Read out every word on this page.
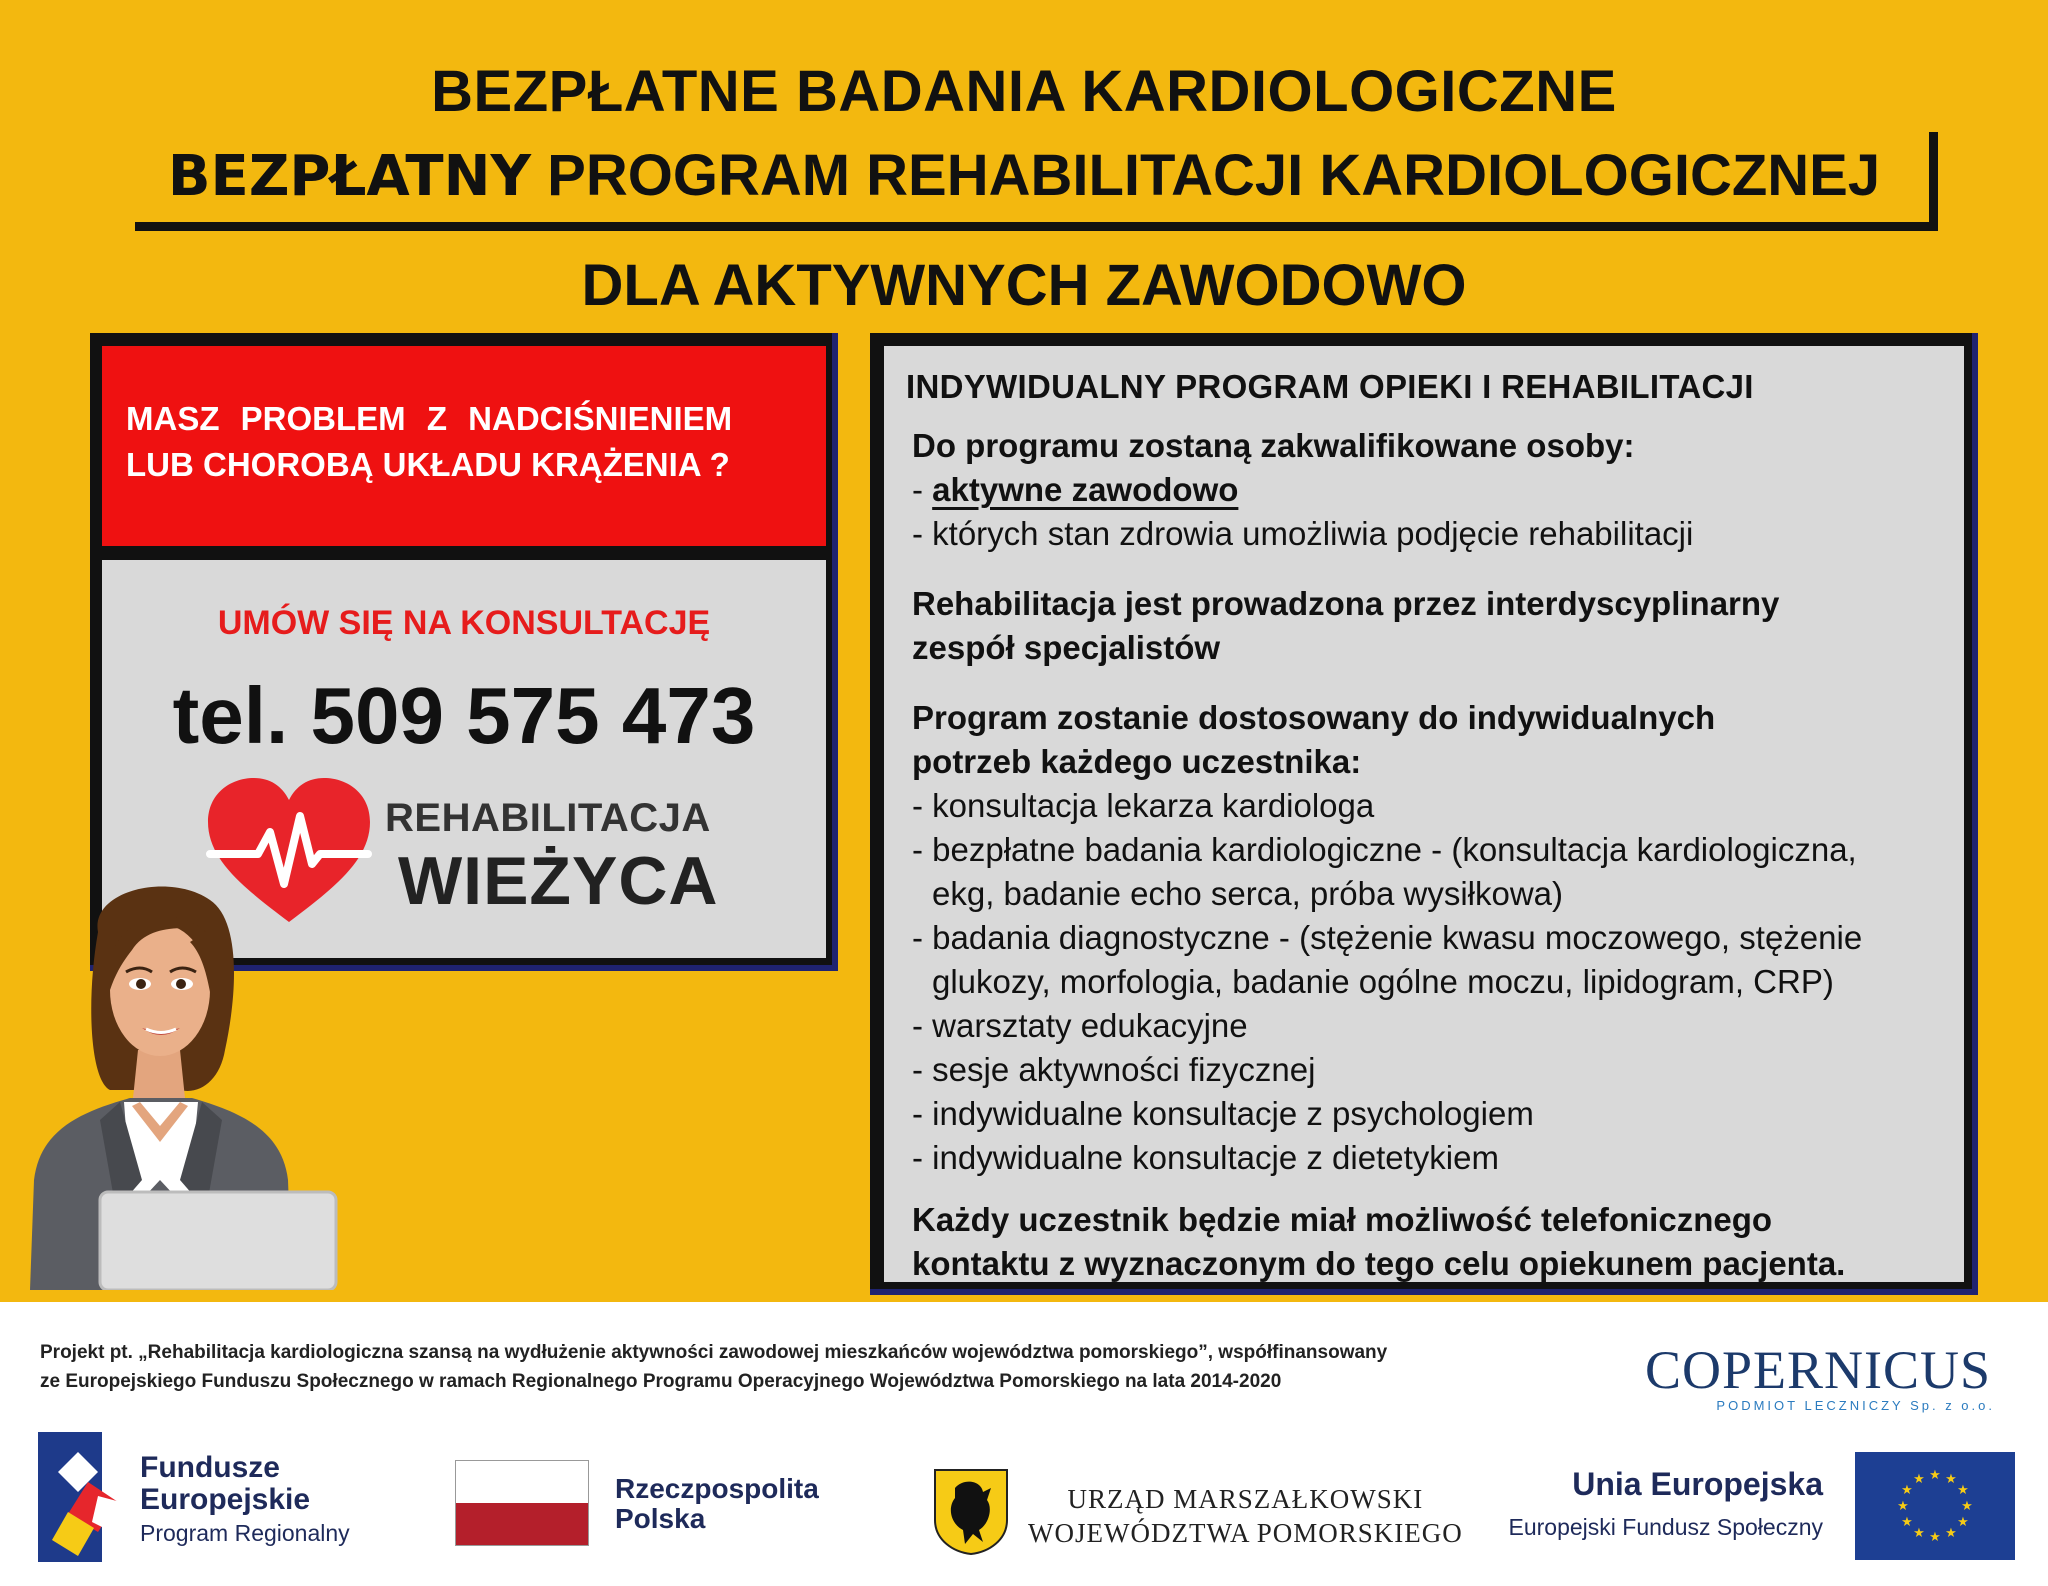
BEZPŁATNE BADANIA KARDIOLOGICZNE
BEZPŁATNY PROGRAM REHABILITACJI KARDIOLOGICZNEJ
DLA AKTYWNYCH ZAWODOWO
MASZ PROBLEM Z NADCIŚNIENIEM
LUB CHOROBĄ UKŁADU KRĄŻENIA ?
UMÓW SIĘ NA KONSULTACJĘ
tel. 509 575 473
REHABILITACJA
WIEŻYCA
INDYWIDUALNY PROGRAM OPIEKI I REHABILITACJI
Do programu zostaną zakwalifikowane osoby:
- aktywne zawodowo
- których stan zdrowia umożliwia podjęcie rehabilitacji
Rehabilitacja jest prowadzona przez interdyscyplinarny
zespół specjalistów
Program zostanie dostosowany do indywidualnych
potrzeb każdego uczestnika:
- konsultacja lekarza kardiologa
- bezpłatne badania kardiologiczne - (konsultacja kardiologiczna,
ekg, badanie echo serca, próba wysiłkowa)
- badania diagnostyczne - (stężenie kwasu moczowego, stężenie
glukozy, morfologia, badanie ogólne moczu, lipidogram, CRP)
- warsztaty edukacyjne
- sesje aktywności fizycznej
- indywidualne konsultacje z psychologiem
- indywidualne konsultacje z dietetykiem
Każdy uczestnik będzie miał możliwość telefonicznego
kontaktu z wyznaczonym do tego celu opiekunem pacjenta.
Projekt pt. „Rehabilitacja kardiologiczna szansą na wydłużenie aktywności zawodowej mieszkańców województwa pomorskiego”, współfinansowany
ze Europejskiego Funduszu Społecznego w ramach Regionalnego Programu Operacyjnego Województwa Pomorskiego na lata 2014-2020	COPERNICUS
PODMIOT LECZNICZY Sp. z o.o.
Fundusze
Europejskie
Program Regionalny
Rzeczpospolita
Polska
URZĄD MARSZAŁKOWSKI
WOJEWÓDZTWA POMORSKIEGO
Unia Europejska
Europejski Fundusz Społeczny
★ ★
★
★
★
★
★
★
★
★
★
★
